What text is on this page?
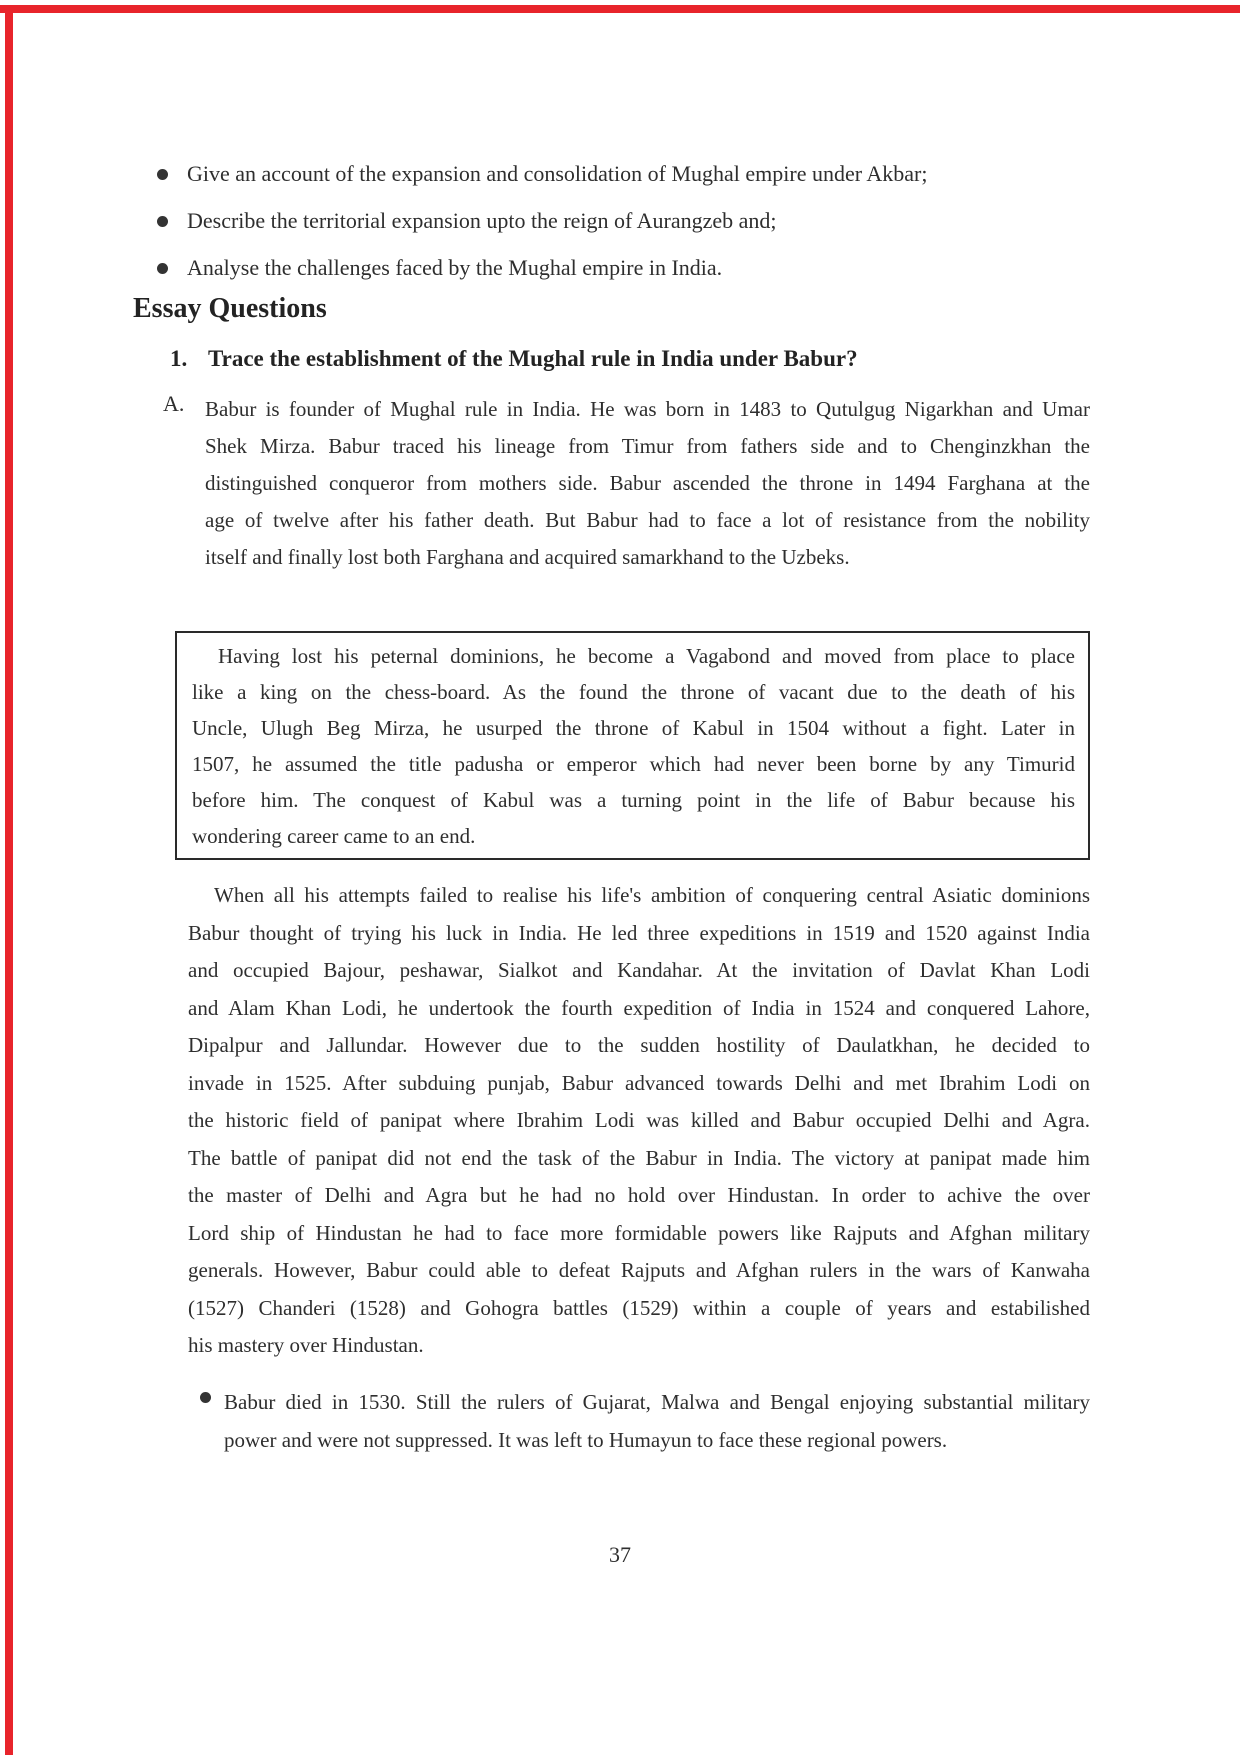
Give an account of the expansion and consolidation of Mughal empire under Akbar;
Describe the territorial expansion upto the reign of Aurangzeb and;
Analyse the challenges faced by the Mughal empire in India.
Essay Questions
1. Trace the establishment of the Mughal rule in India under Babur?
A. Babur is founder of Mughal rule in India. He was born in 1483 to Qutulgug Nigarkhan and Umar
Shek Mirza. Babur traced his lineage from Timur from fathers side and to Chenginzkhan the
distinguished conqueror from mothers side. Babur ascended the throne in 1494 Farghana at the
age of twelve after his father death. But Babur had to face a lot of resistance from the nobility
itself and finally lost both Farghana and acquired samarkhand to the Uzbeks.
Having lost his peternal dominions, he become a Vagabond and moved from place to place
like a king on the chess-board. As the found the throne of vacant due to the death of his
Uncle, Ulugh Beg Mirza, he usurped the throne of Kabul in 1504 without a fight. Later in
1507, he assumed the title padusha or emperor which had never been borne by any Timurid
before him. The conquest of Kabul was a turning point in the life of Babur because his
wondering career came to an end.
When all his attempts failed to realise his life's ambition of conquering central Asiatic dominions
Babur thought of trying his luck in India. He led three expeditions in 1519 and 1520 against India
and occupied Bajour, peshawar, Sialkot and Kandahar. At the invitation of Davlat Khan Lodi
and Alam Khan Lodi, he undertook the fourth expedition of India in 1524 and conquered Lahore,
Dipalpur and Jallundar. However due to the sudden hostility of Daulatkhan, he decided to
invade in 1525. After subduing punjab, Babur advanced towards Delhi and met Ibrahim Lodi on
the historic field of panipat where Ibrahim Lodi was killed and Babur occupied Delhi and Agra.
The battle of panipat did not end the task of the Babur in India. The victory at panipat made him
the master of Delhi and Agra but he had no hold over Hindustan. In order to achive the over
Lord ship of Hindustan he had to face more formidable powers like Rajputs and Afghan military
generals. However, Babur could able to defeat Rajputs and Afghan rulers in the wars of Kanwaha
(1527) Chanderi (1528) and Gohogra battles (1529) within a couple of years and estabilished
his mastery over Hindustan.
Babur died in 1530. Still the rulers of Gujarat, Malwa and Bengal enjoying substantial military
power and were not suppressed. It was left to Humayun to face these regional powers.
37
